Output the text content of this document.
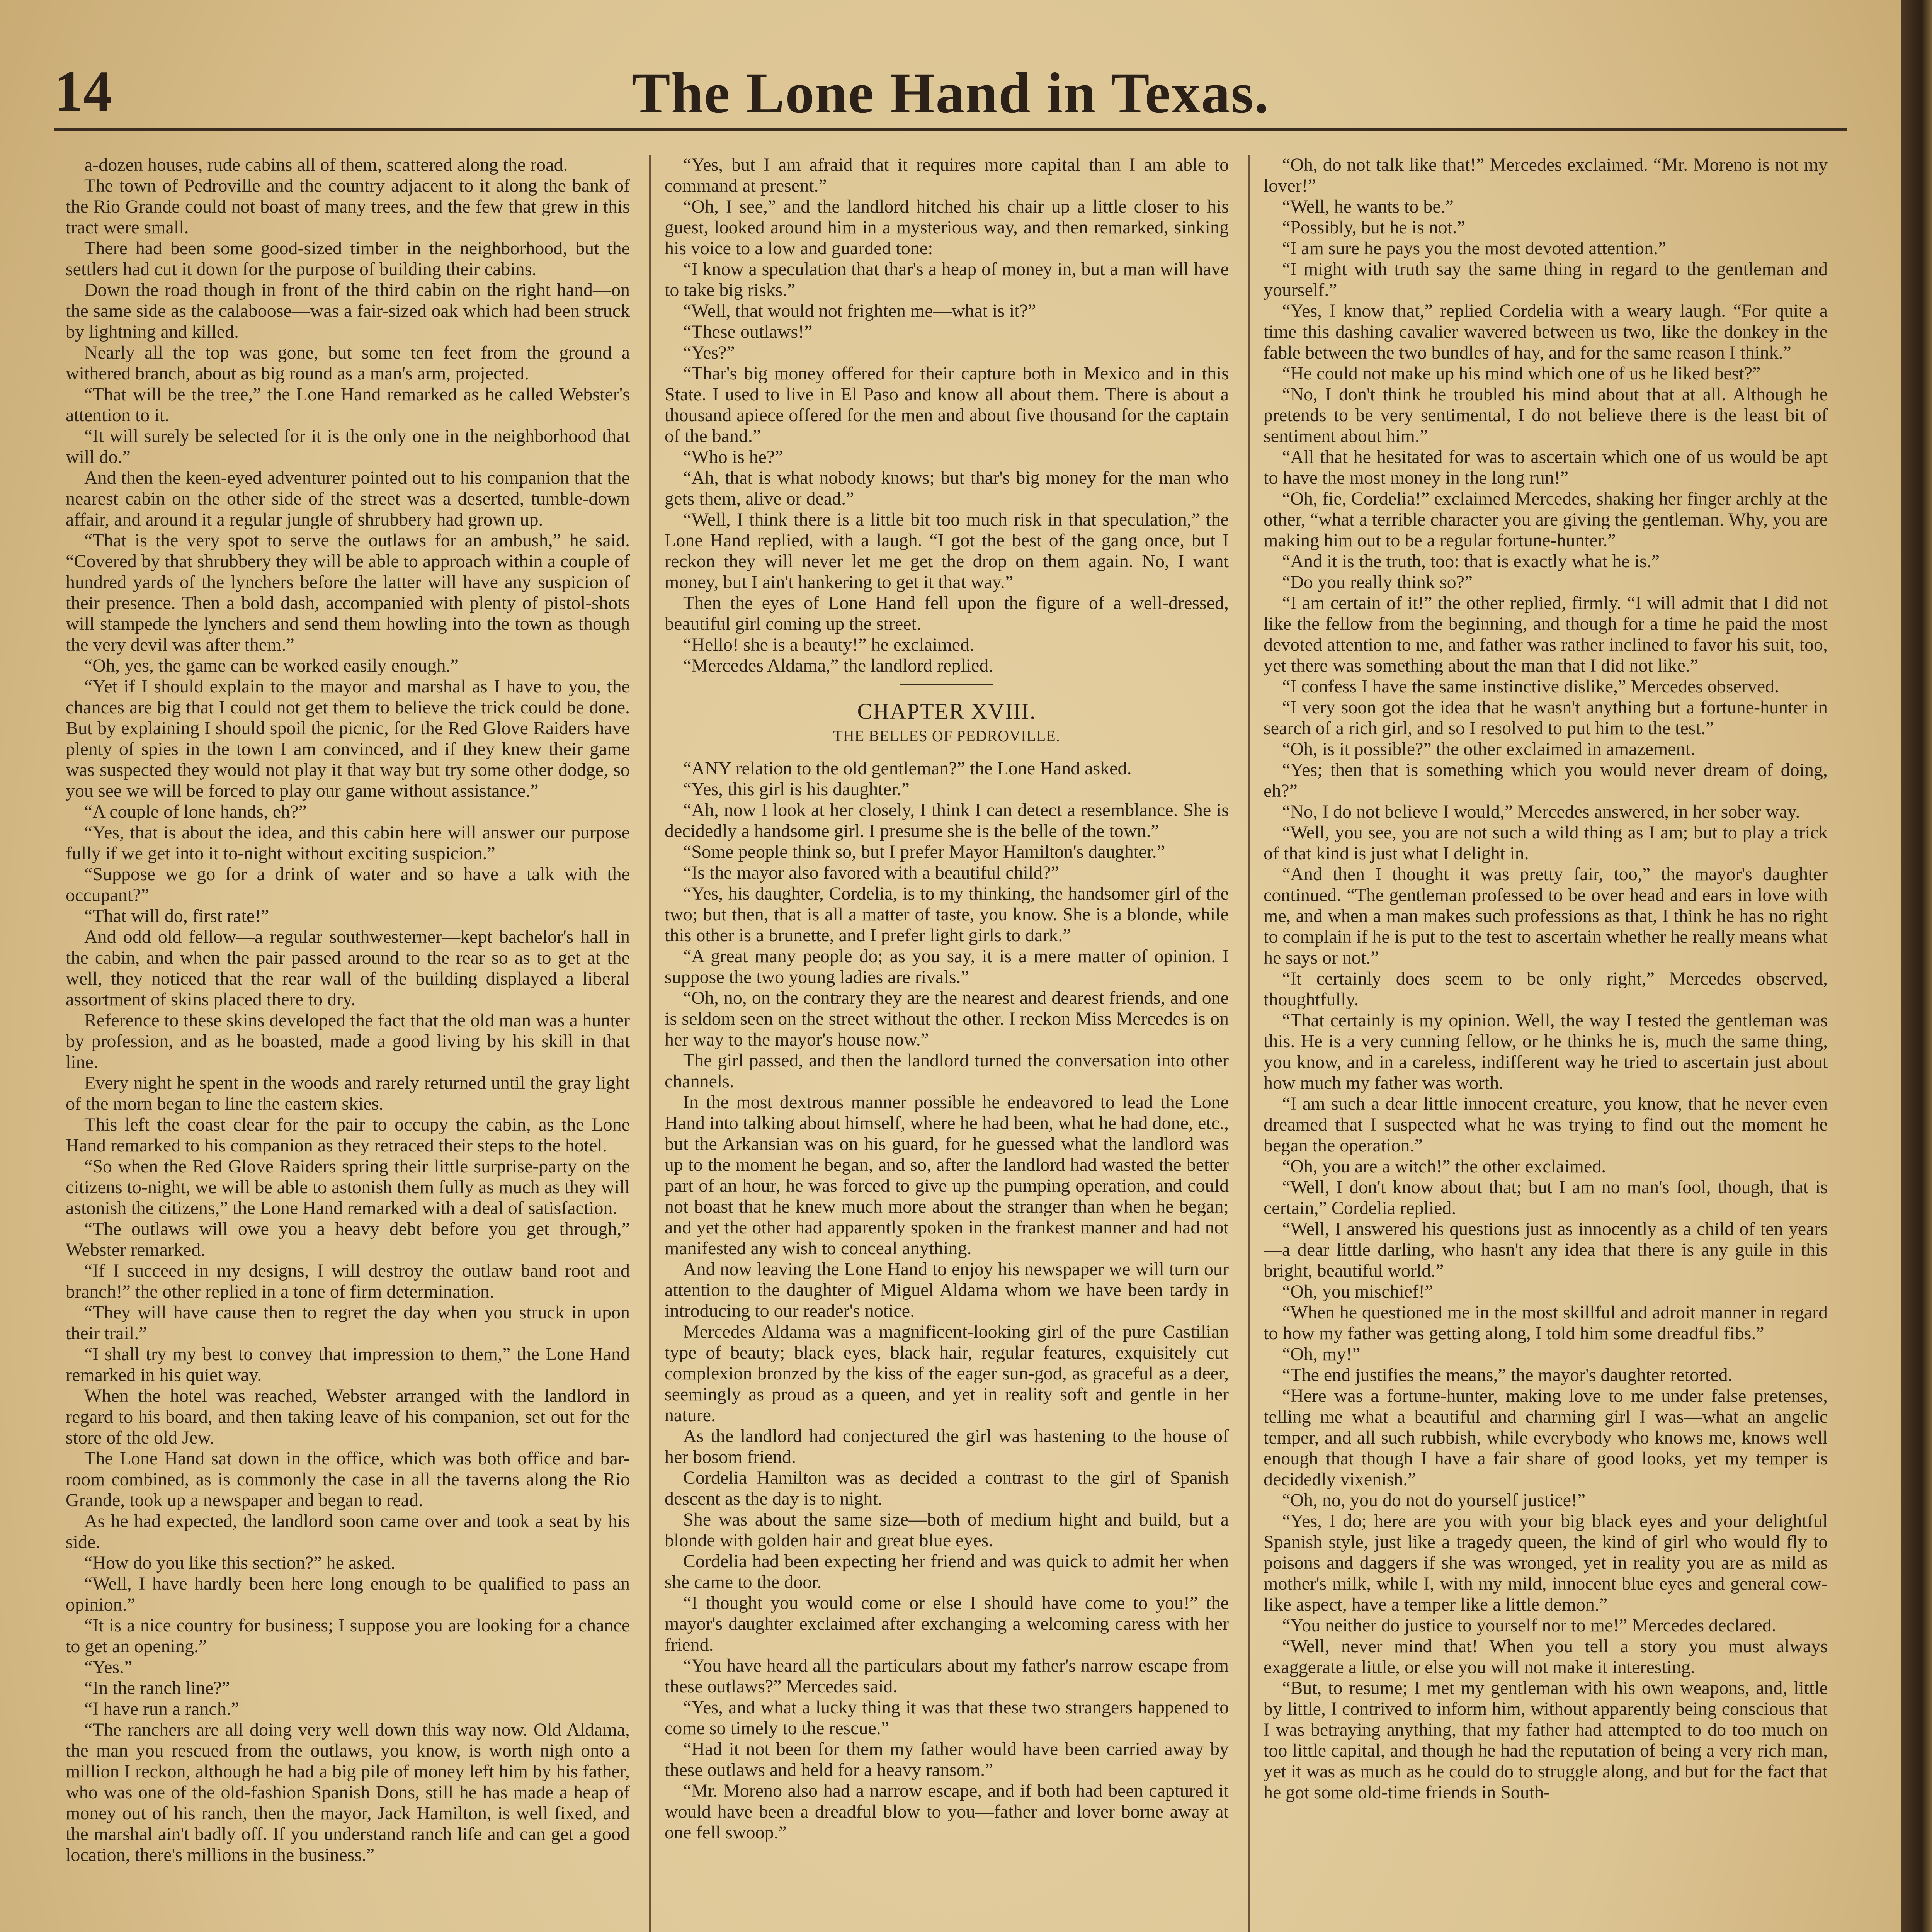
14	The Lone Hand in Texas.

a-dozen houses, rude cabins all of them, scattered along the road.

The town of Pedroville and the country adjacent to it along the bank of the Rio Grande could not boast of many trees, and the few that grew in this tract were small.

There had been some good-sized timber in the neighborhood, but the settlers had cut it down for the purpose of building their cabins.

Down the road though in front of the third cabin on the right hand—on the same side as the calaboose—was a fair-sized oak which had been struck by lightning and killed.

Nearly all the top was gone, but some ten feet from the ground a withered branch, about as big round as a man's arm, projected.

“That will be the tree,” the Lone Hand remarked as he called Webster's attention to it.

“It will surely be selected for it is the only one in the neighborhood that will do.”

And then the keen-eyed adventurer pointed out to his companion that the nearest cabin on the other side of the street was a deserted, tumble-down affair, and around it a regular jungle of shrubbery had grown up.

“That is the very spot to serve the outlaws for an ambush,” he said. “Covered by that shrubbery they will be able to approach within a couple of hundred yards of the lynchers before the latter will have any suspicion of their presence. Then a bold dash, accompanied with plenty of pistol-shots will stampede the lynchers and send them howling into the town as though the very devil was after them.”

“Oh, yes, the game can be worked easily enough.”

“Yet if I should explain to the mayor and marshal as I have to you, the chances are big that I could not get them to believe the trick could be done. But by explaining I should spoil the picnic, for the Red Glove Raiders have plenty of spies in the town I am convinced, and if they knew their game was suspected they would not play it that way but try some other dodge, so you see we will be forced to play our game without assistance.”

“A couple of lone hands, eh?”

“Yes, that is about the idea, and this cabin here will answer our purpose fully if we get into it to-night without exciting suspicion.”

“Suppose we go for a drink of water and so have a talk with the occupant?”

“That will do, first rate!”

And odd old fellow—a regular southwesterner—kept bachelor's hall in the cabin, and when the pair passed around to the rear so as to get at the well, they noticed that the rear wall of the building displayed a liberal assortment of skins placed there to dry.

Reference to these skins developed the fact that the old man was a hunter by profession, and as he boasted, made a good living by his skill in that line.

Every night he spent in the woods and rarely returned until the gray light of the morn began to line the eastern skies.

This left the coast clear for the pair to occupy the cabin, as the Lone Hand remarked to his companion as they retraced their steps to the hotel.

“So when the Red Glove Raiders spring their little surprise-party on the citizens to-night, we will be able to astonish them fully as much as they will astonish the citizens,” the Lone Hand remarked with a deal of satisfaction.

“The outlaws will owe you a heavy debt before you get through,” Webster remarked.

“If I succeed in my designs, I will destroy the outlaw band root and branch!” the other replied in a tone of firm determination.

“They will have cause then to regret the day when you struck in upon their trail.”

“I shall try my best to convey that impression to them,” the Lone Hand remarked in his quiet way.

When the hotel was reached, Webster arranged with the landlord in regard to his board, and then taking leave of his companion, set out for the store of the old Jew.

The Lone Hand sat down in the office, which was both office and bar-room combined, as is commonly the case in all the taverns along the Rio Grande, took up a newspaper and began to read.

As he had expected, the landlord soon came over and took a seat by his side.

“How do you like this section?” he asked.

“Well, I have hardly been here long enough to be qualified to pass an opinion.”

“It is a nice country for business; I suppose you are looking for a chance to get an opening.”

“Yes.”

“In the ranch line?”

“I have run a ranch.”

“The ranchers are all doing very well down this way now. Old Aldama, the man you rescued from the outlaws, you know, is worth nigh onto a million I reckon, although he had a big pile of money left him by his father, who was one of the old-fashion Spanish Dons, still he has made a heap of money out of his ranch, then the mayor, Jack Hamilton, is well fixed, and the marshal ain't badly off. If you understand ranch life and can get a good location, there's millions in the business.”

“Yes, but I am afraid that it requires more capital than I am able to command at present.”

“Oh, I see,” and the landlord hitched his chair up a little closer to his guest, looked around him in a mysterious way, and then remarked, sinking his voice to a low and guarded tone:

“I know a speculation that thar's a heap of money in, but a man will have to take big risks.”

“Well, that would not frighten me—what is it?”

“These outlaws!”

“Yes?”

“Thar's big money offered for their capture both in Mexico and in this State. I used to live in El Paso and know all about them. There is about a thousand apiece offered for the men and about five thousand for the captain of the band.”

“Who is he?”

“Ah, that is what nobody knows; but thar's big money for the man who gets them, alive or dead.”

“Well, I think there is a little bit too much risk in that speculation,” the Lone Hand replied, with a laugh. “I got the best of the gang once, but I reckon they will never let me get the drop on them again. No, I want money, but I ain't hankering to get it that way.”

Then the eyes of Lone Hand fell upon the figure of a well-dressed, beautiful girl coming up the street.

“Hello! she is a beauty!” he exclaimed.

“Mercedes Aldama,” the landlord replied.

CHAPTER XVIII.
THE BELLES OF PEDROVILLE.

“ANY relation to the old gentleman?” the Lone Hand asked.

“Yes, this girl is his daughter.”

“Ah, now I look at her closely, I think I can detect a resemblance. She is decidedly a handsome girl. I presume she is the belle of the town.”

“Some people think so, but I prefer Mayor Hamilton's daughter.”

“Is the mayor also favored with a beautiful child?”

“Yes, his daughter, Cordelia, is to my thinking, the handsomer girl of the two; but then, that is all a matter of taste, you know. She is a blonde, while this other is a brunette, and I prefer light girls to dark.”

“A great many people do; as you say, it is a mere matter of opinion. I suppose the two young ladies are rivals.”

“Oh, no, on the contrary they are the nearest and dearest friends, and one is seldom seen on the street without the other. I reckon Miss Mercedes is on her way to the mayor's house now.”

The girl passed, and then the landlord turned the conversation into other channels.

In the most dextrous manner possible he endeavored to lead the Lone Hand into talking about himself, where he had been, what he had done, etc., but the Arkansian was on his guard, for he guessed what the landlord was up to the moment he began, and so, after the landlord had wasted the better part of an hour, he was forced to give up the pumping operation, and could not boast that he knew much more about the stranger than when he began; and yet the other had apparently spoken in the frankest manner and had not manifested any wish to conceal anything.

And now leaving the Lone Hand to enjoy his newspaper we will turn our attention to the daughter of Miguel Aldama whom we have been tardy in introducing to our reader's notice.

Mercedes Aldama was a magnificent-looking girl of the pure Castilian type of beauty; black eyes, black hair, regular features, exquisitely cut complexion bronzed by the kiss of the eager sun-god, as graceful as a deer, seemingly as proud as a queen, and yet in reality soft and gentle in her nature.

As the landlord had conjectured the girl was hastening to the house of her bosom friend.

Cordelia Hamilton was as decided a contrast to the girl of Spanish descent as the day is to night.

She was about the same size—both of medium hight and build, but a blonde with golden hair and great blue eyes.

Cordelia had been expecting her friend and was quick to admit her when she came to the door.

“I thought you would come or else I should have come to you!” the mayor's daughter exclaimed after exchanging a welcoming caress with her friend.

“You have heard all the particulars about my father's narrow escape from these outlaws?” Mercedes said.

“Yes, and what a lucky thing it was that these two strangers happened to come so timely to the rescue.”

“Had it not been for them my father would have been carried away by these outlaws and held for a heavy ransom.”

“Mr. Moreno also had a narrow escape, and if both had been captured it would have been a dreadful blow to you—father and lover borne away at one fell swoop.”

“Oh, do not talk like that!” Mercedes exclaimed. “Mr. Moreno is not my lover!”

“Well, he wants to be.”

“Possibly, but he is not.”

“I am sure he pays you the most devoted attention.”

“I might with truth say the same thing in regard to the gentleman and yourself.”

“Yes, I know that,” replied Cordelia with a weary laugh. “For quite a time this dashing cavalier wavered between us two, like the donkey in the fable between the two bundles of hay, and for the same reason I think.”

“He could not make up his mind which one of us he liked best?”

“No, I don't think he troubled his mind about that at all. Although he pretends to be very sentimental, I do not believe there is the least bit of sentiment about him.”

“All that he hesitated for was to ascertain which one of us would be apt to have the most money in the long run!”

“Oh, fie, Cordelia!” exclaimed Mercedes, shaking her finger archly at the other, “what a terrible character you are giving the gentleman. Why, you are making him out to be a regular fortune-hunter.”

“And it is the truth, too: that is exactly what he is.”

“Do you really think so?”

“I am certain of it!” the other replied, firmly. “I will admit that I did not like the fellow from the beginning, and though for a time he paid the most devoted attention to me, and father was rather inclined to favor his suit, too, yet there was something about the man that I did not like.”

“I confess I have the same instinctive dislike,” Mercedes observed.

“I very soon got the idea that he wasn't anything but a fortune-hunter in search of a rich girl, and so I resolved to put him to the test.”

“Oh, is it possible?” the other exclaimed in amazement.

“Yes; then that is something which you would never dream of doing, eh?”

“No, I do not believe I would,” Mercedes answered, in her sober way.

“Well, you see, you are not such a wild thing as I am; but to play a trick of that kind is just what I delight in.

“And then I thought it was pretty fair, too,” the mayor's daughter continued. “The gentleman professed to be over head and ears in love with me, and when a man makes such professions as that, I think he has no right to complain if he is put to the test to ascertain whether he really means what he says or not.”

“It certainly does seem to be only right,” Mercedes observed, thoughtfully.

“That certainly is my opinion. Well, the way I tested the gentleman was this. He is a very cunning fellow, or he thinks he is, much the same thing, you know, and in a careless, indifferent way he tried to ascertain just about how much my father was worth.

“I am such a dear little innocent creature, you know, that he never even dreamed that I suspected what he was trying to find out the moment he began the operation.”

“Oh, you are a witch!” the other exclaimed.

“Well, I don't know about that; but I am no man's fool, though, that is certain,” Cordelia replied.

“Well, I answered his questions just as innocently as a child of ten years—a dear little darling, who hasn't any idea that there is any guile in this bright, beautiful world.”

“Oh, you mischief!”

“When he questioned me in the most skillful and adroit manner in regard to how my father was getting along, I told him some dreadful fibs.”

“Oh, my!”

“The end justifies the means,” the mayor's daughter retorted.

“Here was a fortune-hunter, making love to me under false pretenses, telling me what a beautiful and charming girl I was—what an angelic temper, and all such rubbish, while everybody who knows me, knows well enough that though I have a fair share of good looks, yet my temper is decidedly vixenish.”

“Oh, no, you do not do yourself justice!”

“Yes, I do; here are you with your big black eyes and your delightful Spanish style, just like a tragedy queen, the kind of girl who would fly to poisons and daggers if she was wronged, yet in reality you are as mild as mother's milk, while I, with my mild, innocent blue eyes and general cow-like aspect, have a temper like a little demon.”

“You neither do justice to yourself nor to me!” Mercedes declared.

“Well, never mind that! When you tell a story you must always exaggerate a little, or else you will not make it interesting.

“But, to resume; I met my gentleman with his own weapons, and, little by little, I contrived to inform him, without apparently being conscious that I was betraying anything, that my father had attempted to do too much on too little capital, and though he had the reputation of being a very rich man, yet it was as much as he could do to struggle along, and but for the fact that he got some old-time friends in South-
